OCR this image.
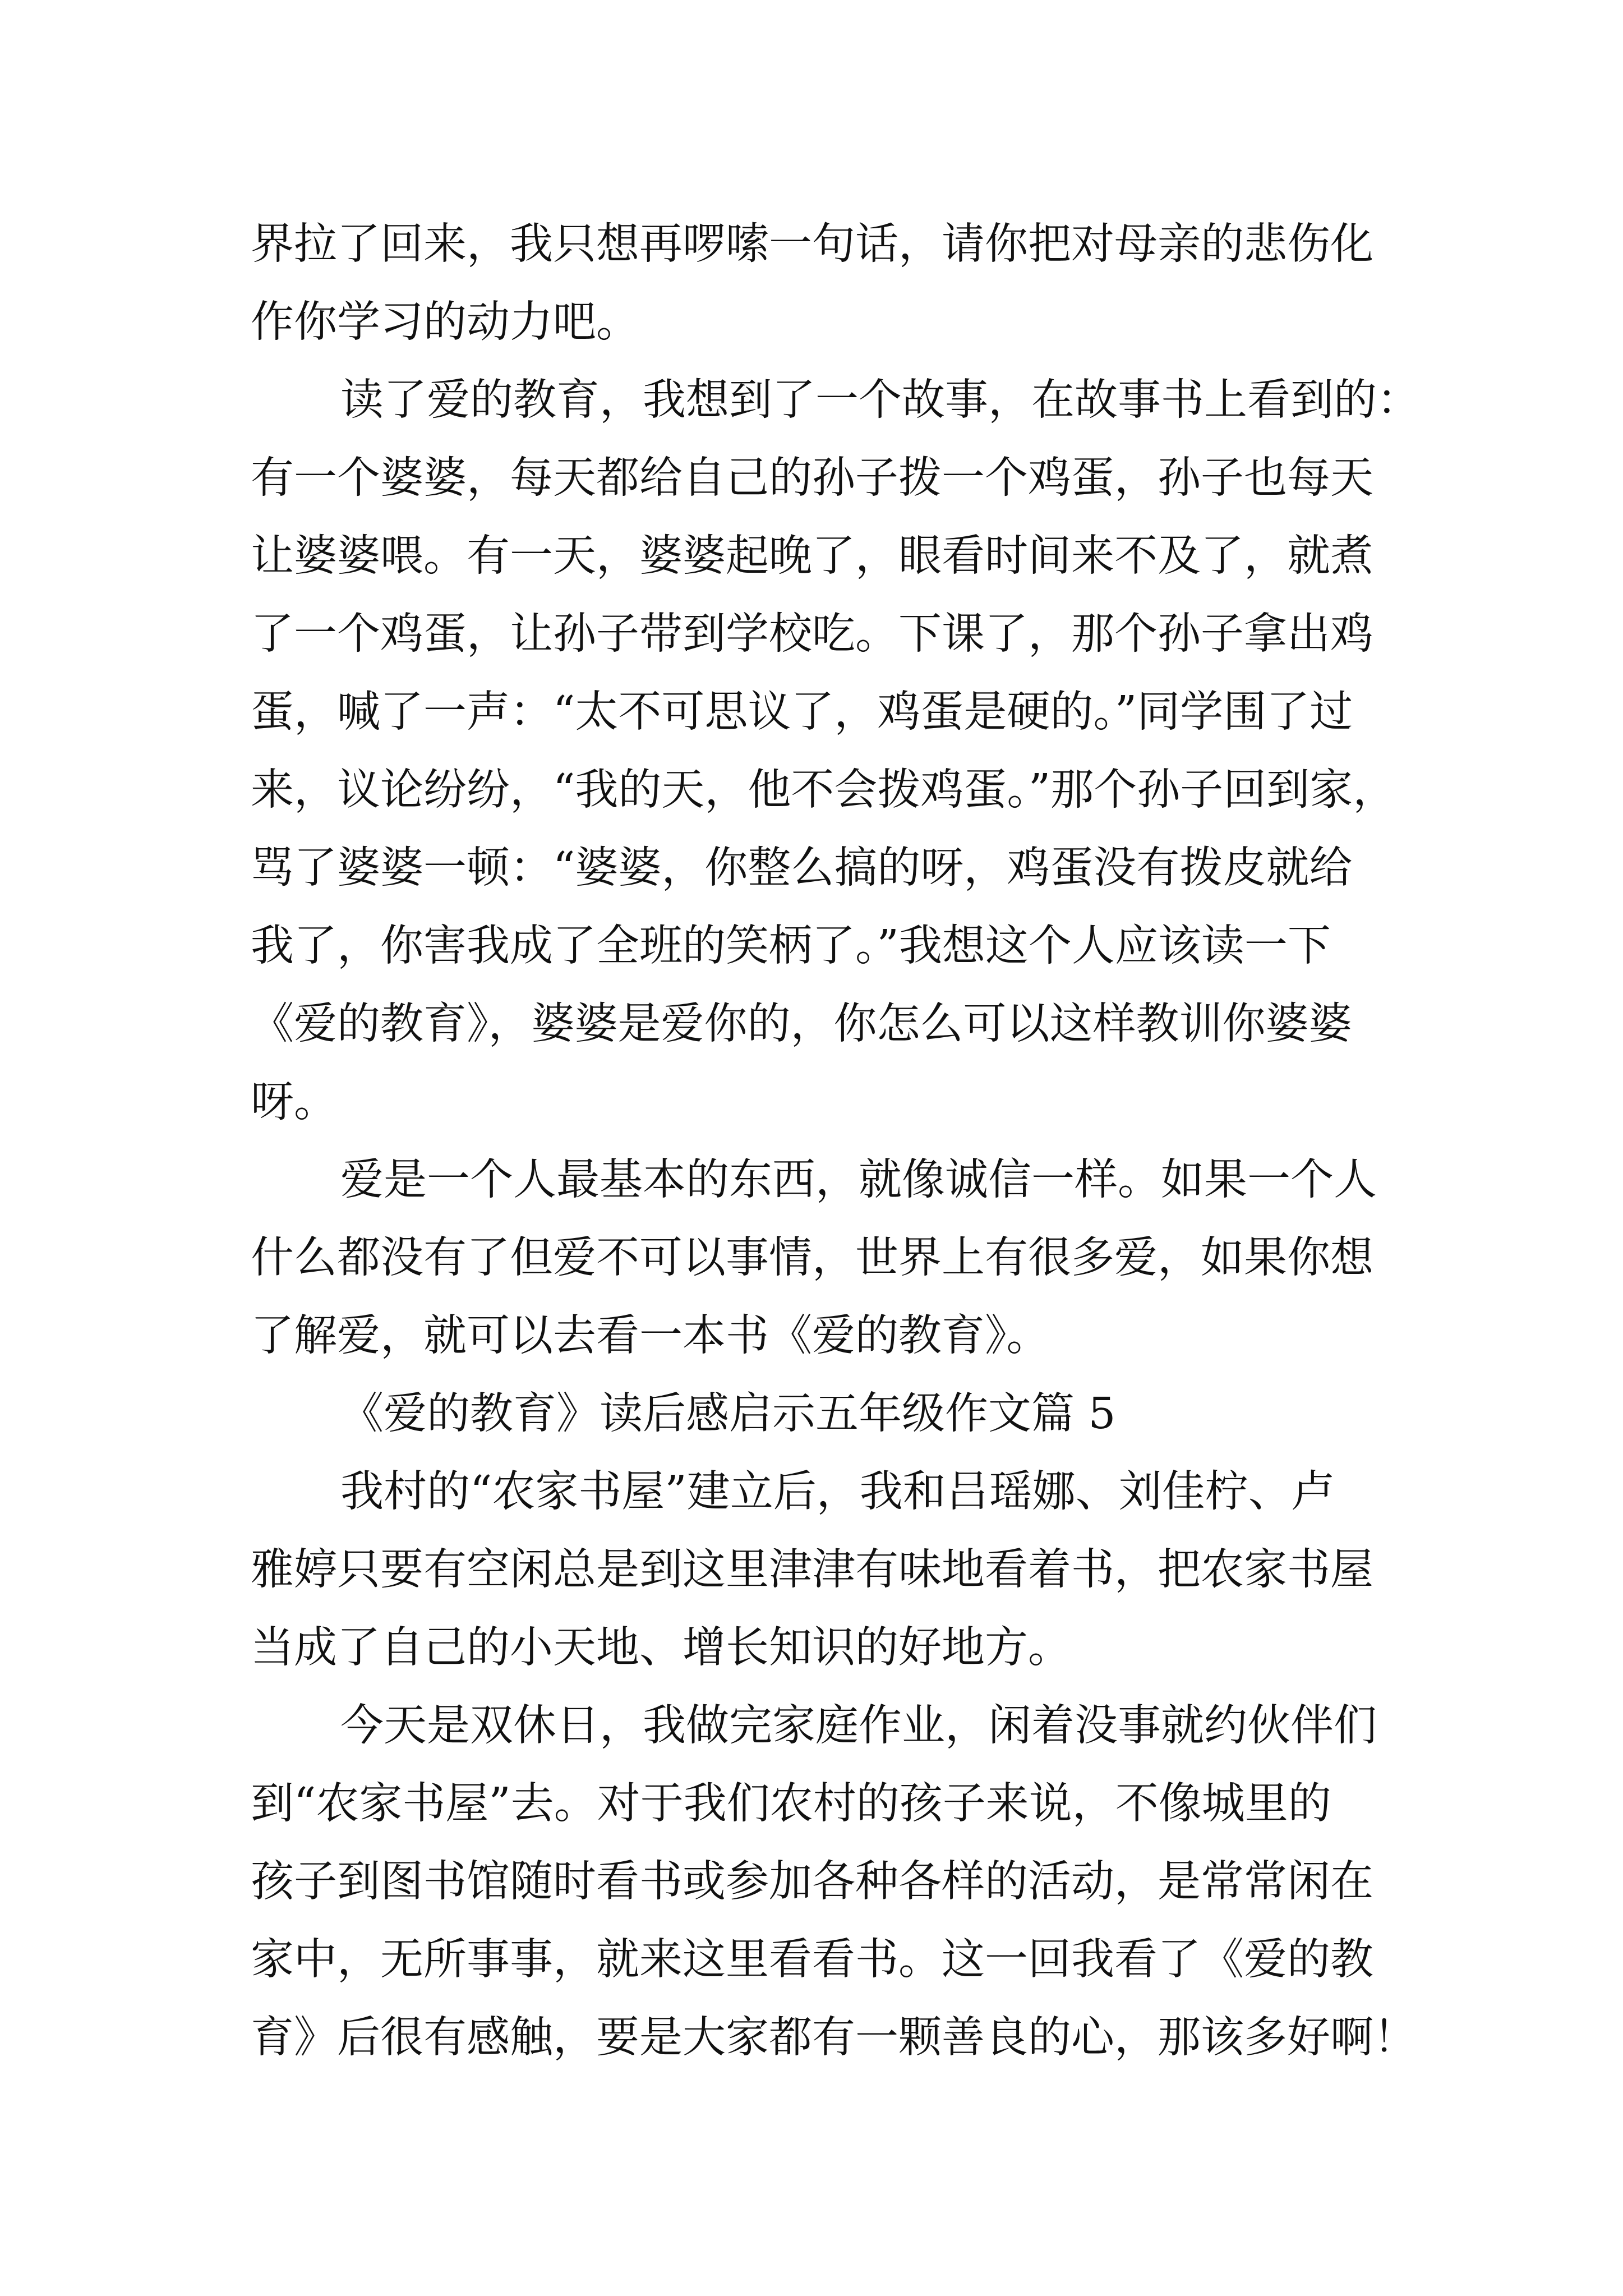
界拉了回来，我只想再啰嗦一句话，请你把对母亲的悲伤化
作你学习的动力吧。
读了爱的教育，我想到了一个故事，在故事书上看到的：
有一个婆婆，每天都给自己的孙子拨一个鸡蛋，孙子也每天
让婆婆喂。有一天，婆婆起晚了，眼看时间来不及了，就煮
了一个鸡蛋，让孙子带到学校吃。下课了，那个孙子拿出鸡
蛋，喊了一声：“太不可思议了，鸡蛋是硬的。”同学围了过
来，议论纷纷，“我的天，他不会拨鸡蛋。”那个孙子回到家，
骂了婆婆一顿：“婆婆，你整么搞的呀，鸡蛋没有拨皮就给
我了，你害我成了全班的笑柄了。”我想这个人应该读一下
《爱的教育》，婆婆是爱你的，你怎么可以这样教训你婆婆
呀。
爱是一个人最基本的东西，就像诚信一样。如果一个人
什么都没有了但爱不可以事情，世界上有很多爱，如果你想
了解爱，就可以去看一本书《爱的教育》。
《爱的教育》读后感启示五年级作文篇 5
我村的“农家书屋”建立后，我和吕瑶娜、刘佳柠、卢
雅婷只要有空闲总是到这里津津有味地看着书，把农家书屋
当成了自己的小天地、增长知识的好地方。
今天是双休日，我做完家庭作业，闲着没事就约伙伴们
到“农家书屋”去。对于我们农村的孩子来说，不像城里的
孩子到图书馆随时看书或参加各种各样的活动，是常常闲在
家中，无所事事，就来这里看看书。这一回我看了《爱的教
育》后很有感触，要是大家都有一颗善良的心，那该多好啊！
